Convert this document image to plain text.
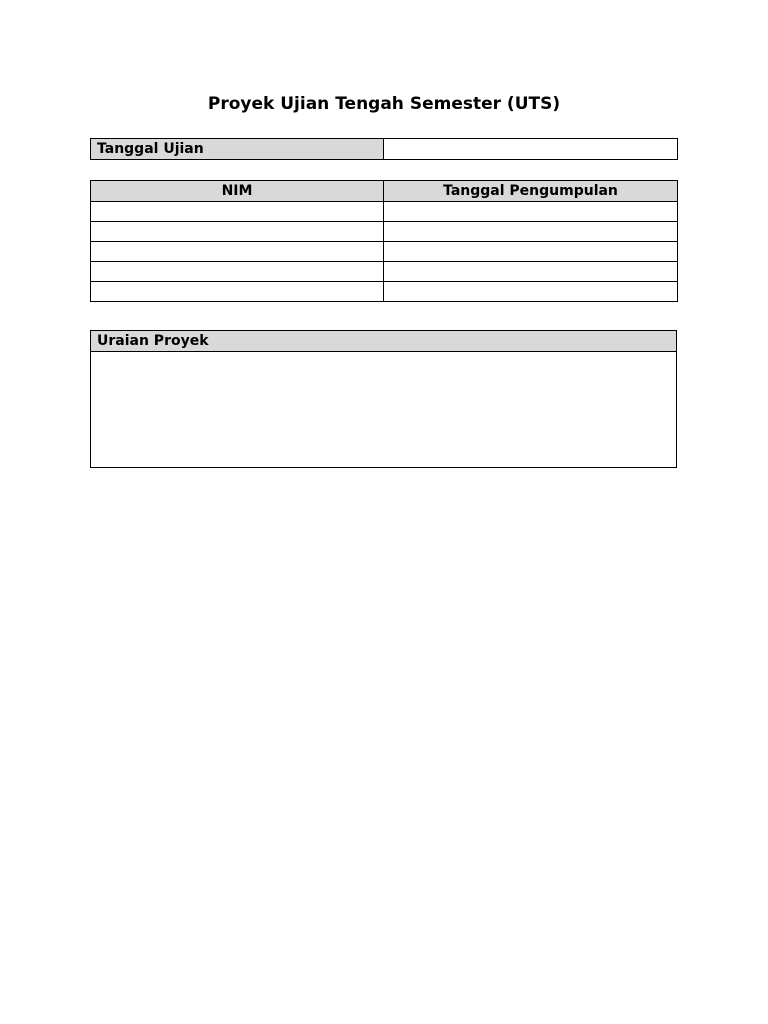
Proyek Ujian Tengah Semester (UTS)
Tanggal Ujian	
NIM	Tanggal Pengumpulan

Uraian Proyek
